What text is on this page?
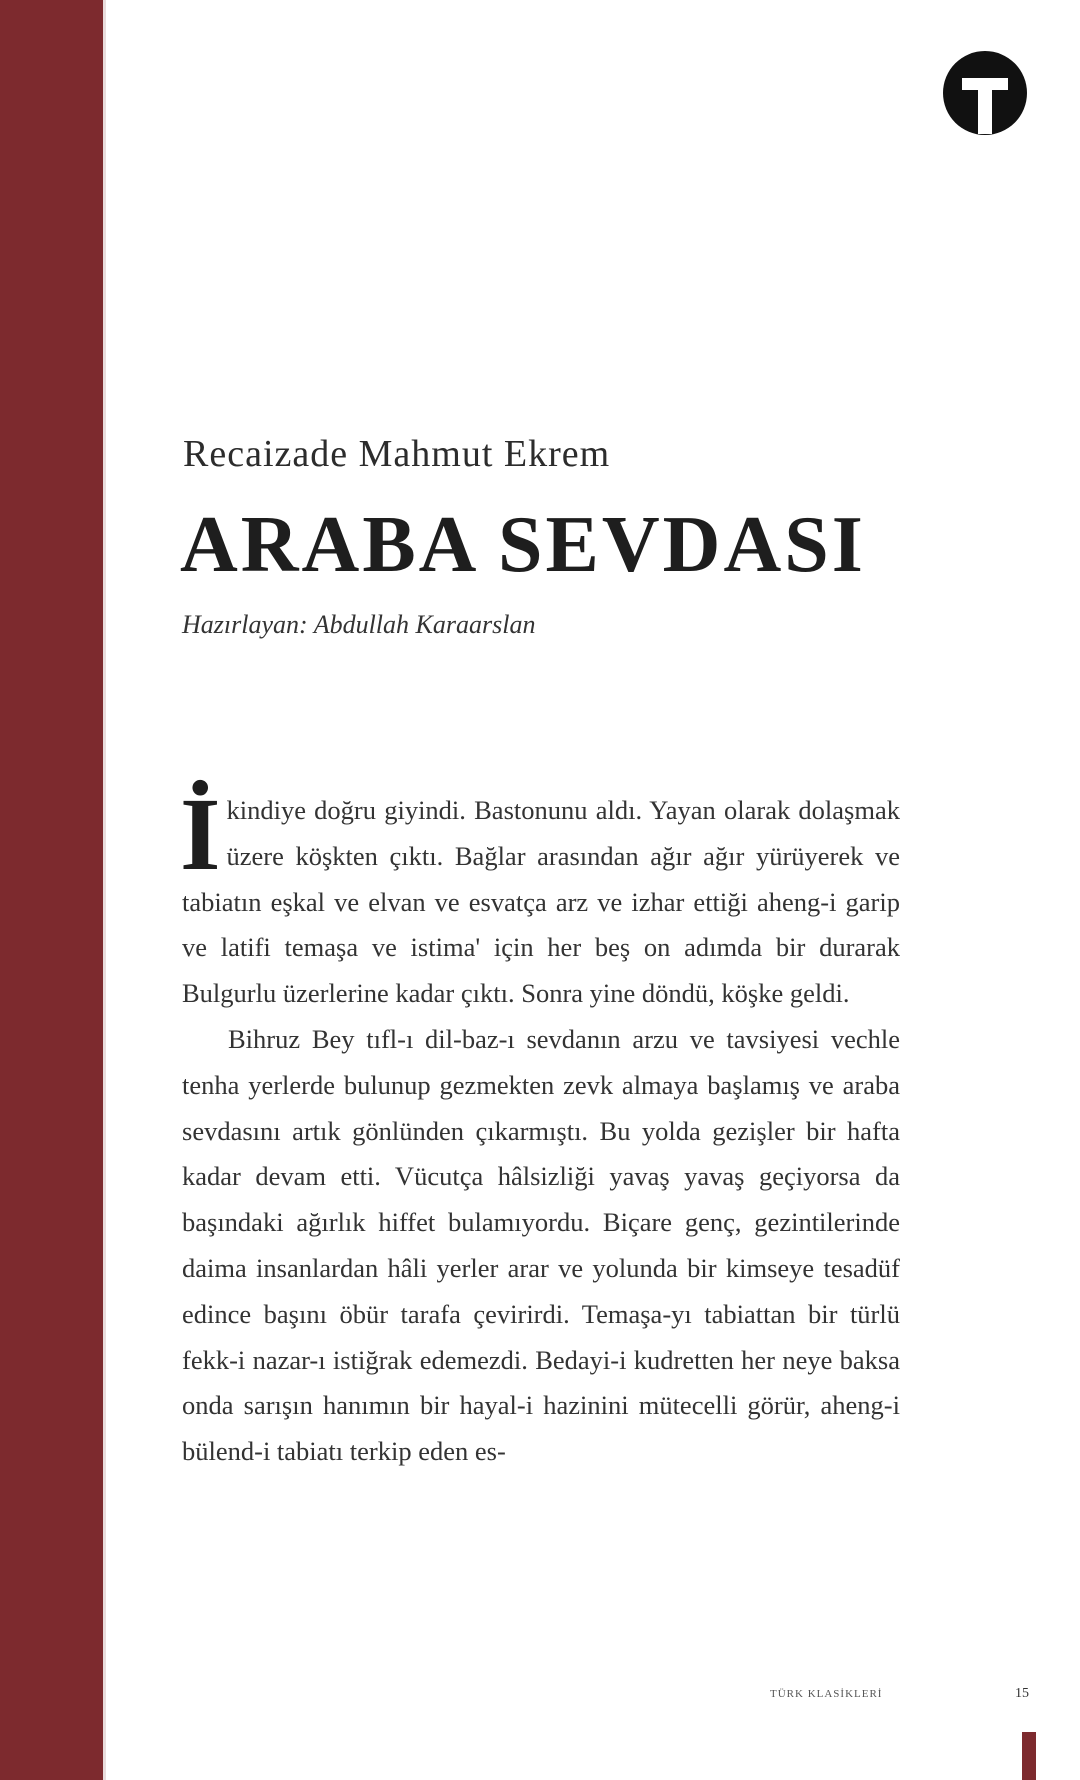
Recaizade Mahmut Ekrem
ARABA SEVDASI
Hazırlayan: Abdullah Karaarslan

İkindiye doğru giyindi. Bastonunu aldı. Yayan olarak dolaşmak üzere köşkten çıktı. Bağlar arasından ağır ağır yürüyerek ve tabiatın eşkal ve elvan ve esvatça arz ve izhar ettiği aheng-i garip ve latifi temaşa ve istima' için her beş on adımda bir durarak Bulgurlu üzerlerine kadar çıktı. Sonra yine döndü, köşke geldi.

Bihruz Bey tıfl-ı dil-baz-ı sevdanın arzu ve tavsiyesi vechle tenha yerlerde bulunup gezmekten zevk almaya başlamış ve araba sevdasını artık gönlünden çıkarmıştı. Bu yolda gezişler bir hafta kadar devam etti. Vücutça hâlsizliği yavaş yavaş geçiyorsa da başındaki ağırlık hiffet bulamıyordu. Biçare genç, gezintilerinde daima insanlardan hâli yerler arar ve yolunda bir kimseye tesadüf edince başını öbür tarafa çevirirdi. Temaşa-yı tabiattan bir türlü fekk-i nazar-ı istiğrak edemezdi. Bedayi-i kudretten her neye baksa onda sarışın hanımın bir hayal-i hazinini mütecelli görür, aheng-i bülend-i tabiatı terkip eden es-

TÜRK KLASİKLERİ	15
